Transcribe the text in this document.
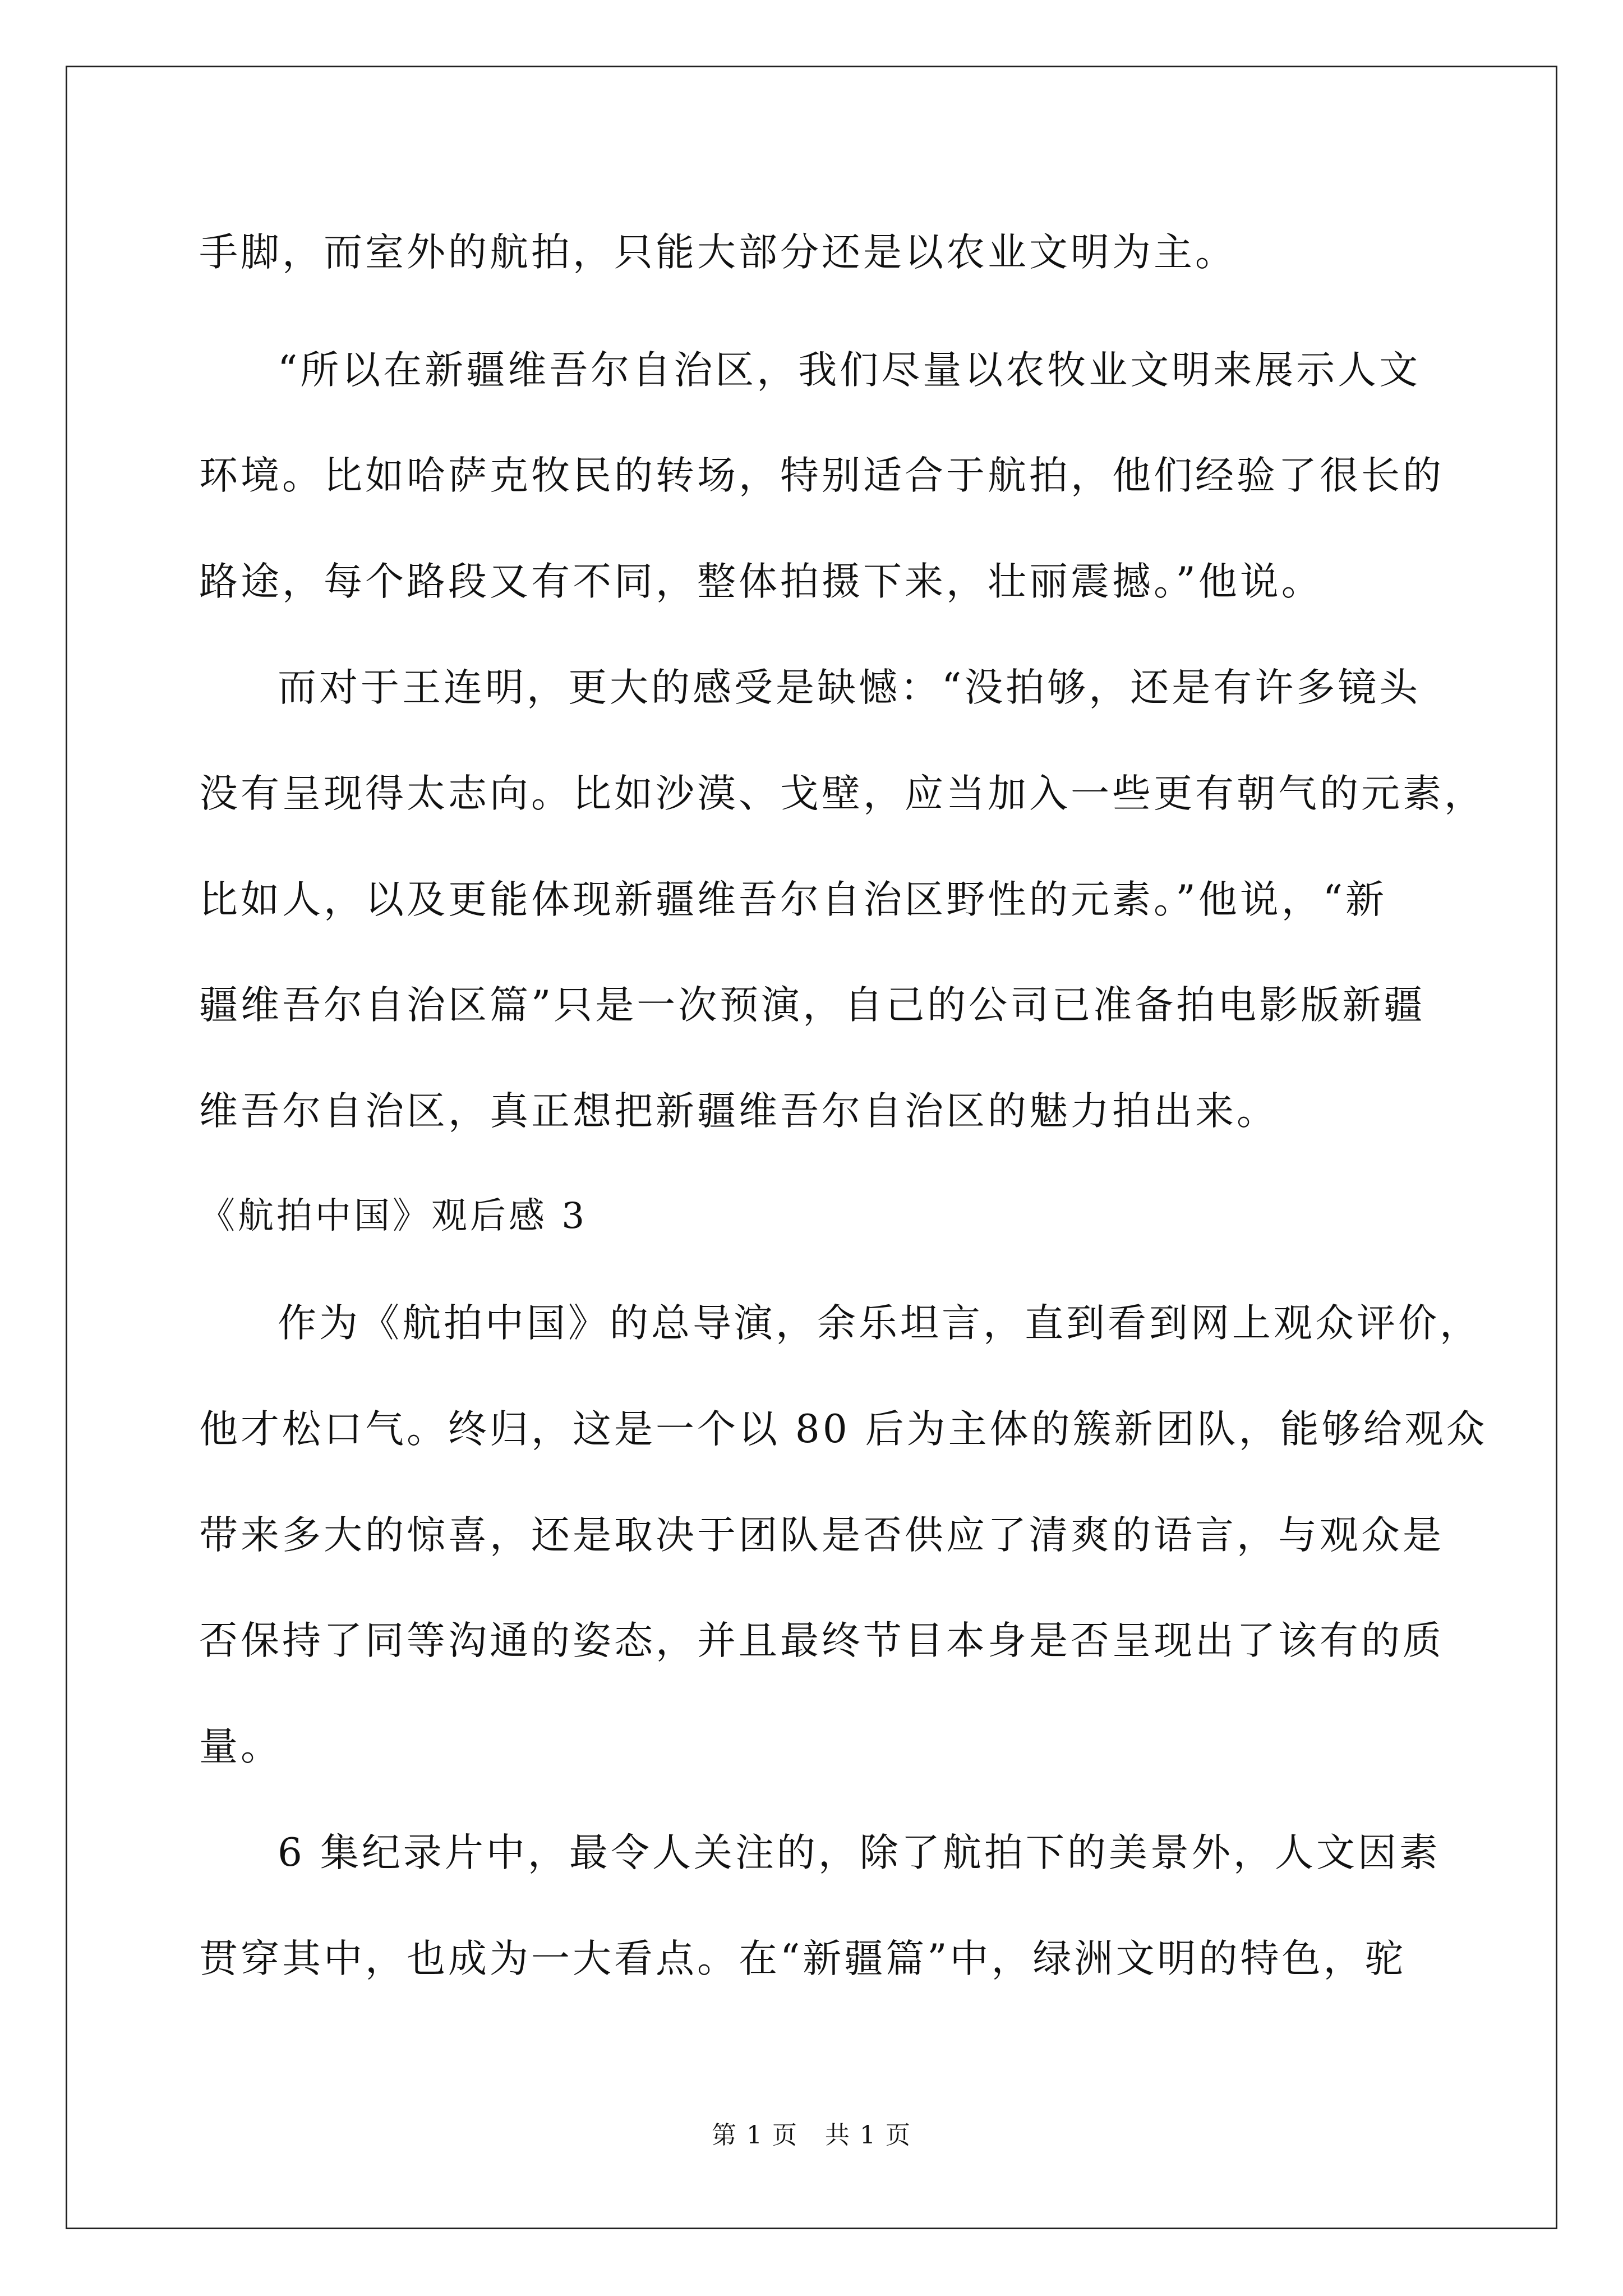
手脚，而室外的航拍，只能大部分还是以农业文明为主。
“所以在新疆维吾尔自治区，我们尽量以农牧业文明来展示人文
环境。比如哈萨克牧民的转场，特别适合于航拍，他们经验了很长的
路途，每个路段又有不同，整体拍摄下来，壮丽震撼。”他说。
而对于王连明，更大的感受是缺憾：“没拍够，还是有许多镜头
没有呈现得太志向。比如沙漠、戈壁，应当加入一些更有朝气的元素，
比如人，以及更能体现新疆维吾尔自治区野性的元素。”他说，“新
疆维吾尔自治区篇”只是一次预演，自己的公司已准备拍电影版新疆
维吾尔自治区，真正想把新疆维吾尔自治区的魅力拍出来。
《航拍中国》观后感 3
作为《航拍中国》的总导演，余乐坦言，直到看到网上观众评价，
他才松口气。终归，这是一个以 80 后为主体的簇新团队，能够给观众
带来多大的惊喜，还是取决于团队是否供应了清爽的语言，与观众是
否保持了同等沟通的姿态，并且最终节目本身是否呈现出了该有的质
量。
6 集纪录片中，最令人关注的，除了航拍下的美景外，人文因素
贯穿其中，也成为一大看点。在“新疆篇”中，绿洲文明的特色，驼
第 1 页   共 1 页
